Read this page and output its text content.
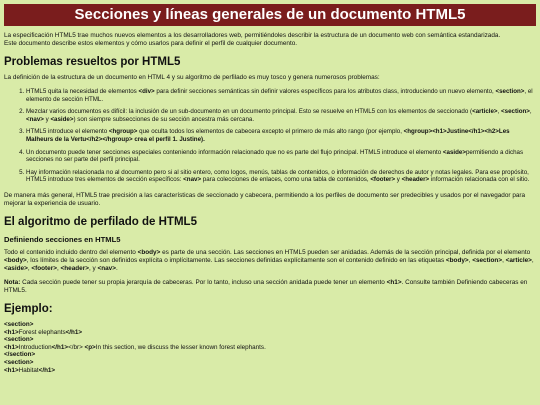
Secciones y líneas generales de un documento HTML5

La especificación HTML5 trae muchos nuevos elementos a los desarrolladores web, permitiéndoles describir la estructura de un documento web con semántica estandarizada.
Este documento describe estos elementos y cómo usarlos para definir el perfil de cualquier documento.

Problemas resueltos por HTML5

La definición de la estructura de un documento en HTML 4 y su algoritmo de perfilado es muy tosco y genera numerosos problemas:

1. HTML5 quita la necesidad de elementos <div> para definir secciones semánticas sin definir valores específicos para los atributos class, introduciendo un nuevo elemento, <section>, el elemento de sección HTML.
2. Mezclar varios documentos es difícil: la inclusión de un sub-documento en un documento principal. Esto se resuelve en HTML5 con los elementos de seccionado (<article>, <section>, <nav> y <aside>) son siempre subsecciones de su sección ancestra más cercana.
3. HTML5 introduce el elemento <hgroup> que oculta todos los elementos de cabecera excepto el primero de más alto rango (por ejemplo, <hgroup><h1>Justine</h1><h2>Les Malheurs de la Vertu</h2></hgroup> crea el perfil 1. Justine).
4. Un documento puede tener secciones especiales conteniendo información relacionado que no es parte del flujo principal. HTML5 introduce el elemento <aside>permitiendo a dichas secciones no ser parte del perfil principal.
5. Hay información relacionada no al documento pero si al sitio entero, como logos, menús, tablas de contenidos, o información de derechos de autor y notas legales. Para ese propósito, HTML5 introduce tres elementos de sección específicos: <nav> para colecciones de enlaces, como una tabla de contenidos, <footer> y <header> información relacionada con el sitio.

De manera más general, HTML5 trae precisión a las características de seccionado y cabecera, permitiendo a los perfiles de documento ser predecibles y usados por el navegador para mejorar la experiencia de usuario.

El algoritmo de perfilado de HTML5
Definiendo secciones en HTML5

Todo el contenido incluido dentro del elemento <body> es parte de una sección. Las secciones en HTML5 pueden ser anidadas. Además de la sección principal, definida por el elemento <body>, los límites de la sección son definidos explícita o implícitamente. Las secciones definidas explícitamente son el contenido definido en las etiquetas <body>, <section>, <article>, <aside>, <footer>, <header>, y <nav>.

Nota: Cada sección puede tener su propia jerarquía de cabeceras. Por lo tanto, incluso una sección anidada puede tener un elemento <h1>. Consulte también Definiendo cabeceras en HTML5.

Ejemplo:
<section>
<h1>Forest elephants</h1>
<section>
<h1>Introduction</h1></br> <p>In this section, we discuss the lesser known forest elephants.
</section>
<section>
<h1>Habitat</h1>
